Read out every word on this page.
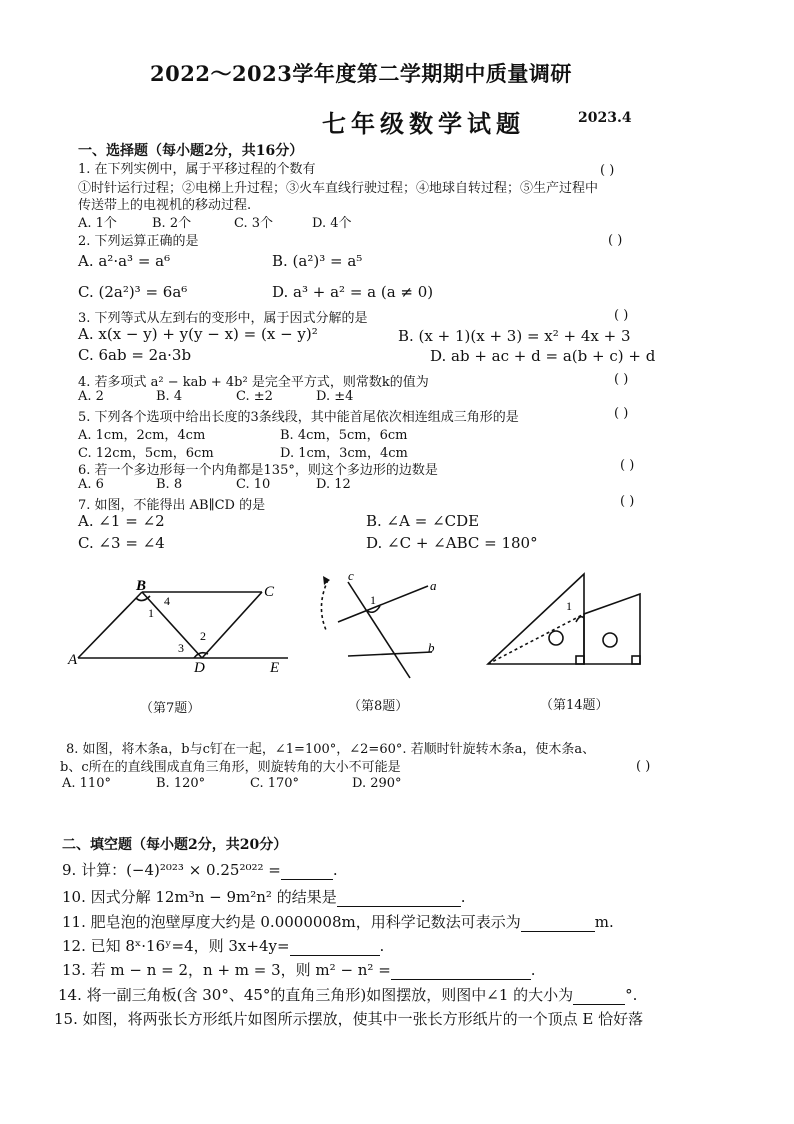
2022～2023学年度第二学期期中质量调研
七年级数学试题	2023.4
一、选择题（每小题2分，共16分）
1. 在下列实例中，属于平移过程的个数有	( )
①时针运行过程；②电梯上升过程；③火车直线行驶过程；④地球自转过程；⑤生产过程中
传送带上的电视机的移动过程.
A. 1个	B. 2个	C. 3个	D. 4个
2. 下列运算正确的是	( )
A. a²·a³ = a⁶	B. (a²)³ = a⁵
C. (2a²)³ = 6a⁶	D. a³ + a² = a (a ≠ 0)
3. 下列等式从左到右的变形中，属于因式分解的是	( )
A. x(x − y) + y(y − x) = (x − y)²	B. (x + 1)(x + 3) = x² + 4x + 3
C. 6ab = 2a·3b	D. ab + ac + d = a(b + c) + d
4. 若多项式 a² − kab + 4b² 是完全平方式，则常数k的值为	( )
A. 2	B. 4	C. ±2	D. ±4
5. 下列各个选项中给出长度的3条线段，其中能首尾依次相连组成三角形的是	( )
A. 1cm，2cm，4cm	B. 4cm，5cm，6cm
C. 12cm，5cm，6cm	D. 1cm，3cm，4cm
6. 若一个多边形每一个内角都是135°，则这个多边形的边数是	( )
A. 6	B. 8	C. 10	D. 12
7. 如图，不能得出 AB∥CD 的是	( )
A. ∠1 = ∠2	B. ∠A = ∠CDE
C. ∠3 = ∠4	D. ∠C + ∠ABC = 180°
B	C
A	D	E
1
4
3
2
（第7题）
c
a
b
1
（第8题）
1
（第14题）
8. 如图，将木条a，b与c钉在一起，∠1=100°，∠2=60°. 若顺时针旋转木条a，使木条a、
b、c所在的直线围成直角三角形，则旋转角的大小不可能是	( )
A. 110°	B. 120°	C. 170°	D. 290°
二、填空题（每小题2分，共20分）
9. 计算：(−4)²⁰²³ × 0.25²⁰²² =	.
10. 因式分解 12m³n − 9m²n² 的结果是	.
11. 肥皂泡的泡壁厚度大约是 0.0000008m，用科学记数法可表示为	m.
12. 已知 8ˣ·16ʸ=4，则 3x+4y=	.
13. 若 m − n = 2，n + m = 3，则 m² − n² =	.
14. 将一副三角板(含 30°、45°的直角三角形)如图摆放，则图中∠1 的大小为	°.
15. 如图，将两张长方形纸片如图所示摆放，使其中一张长方形纸片的一个顶点 E 恰好落
